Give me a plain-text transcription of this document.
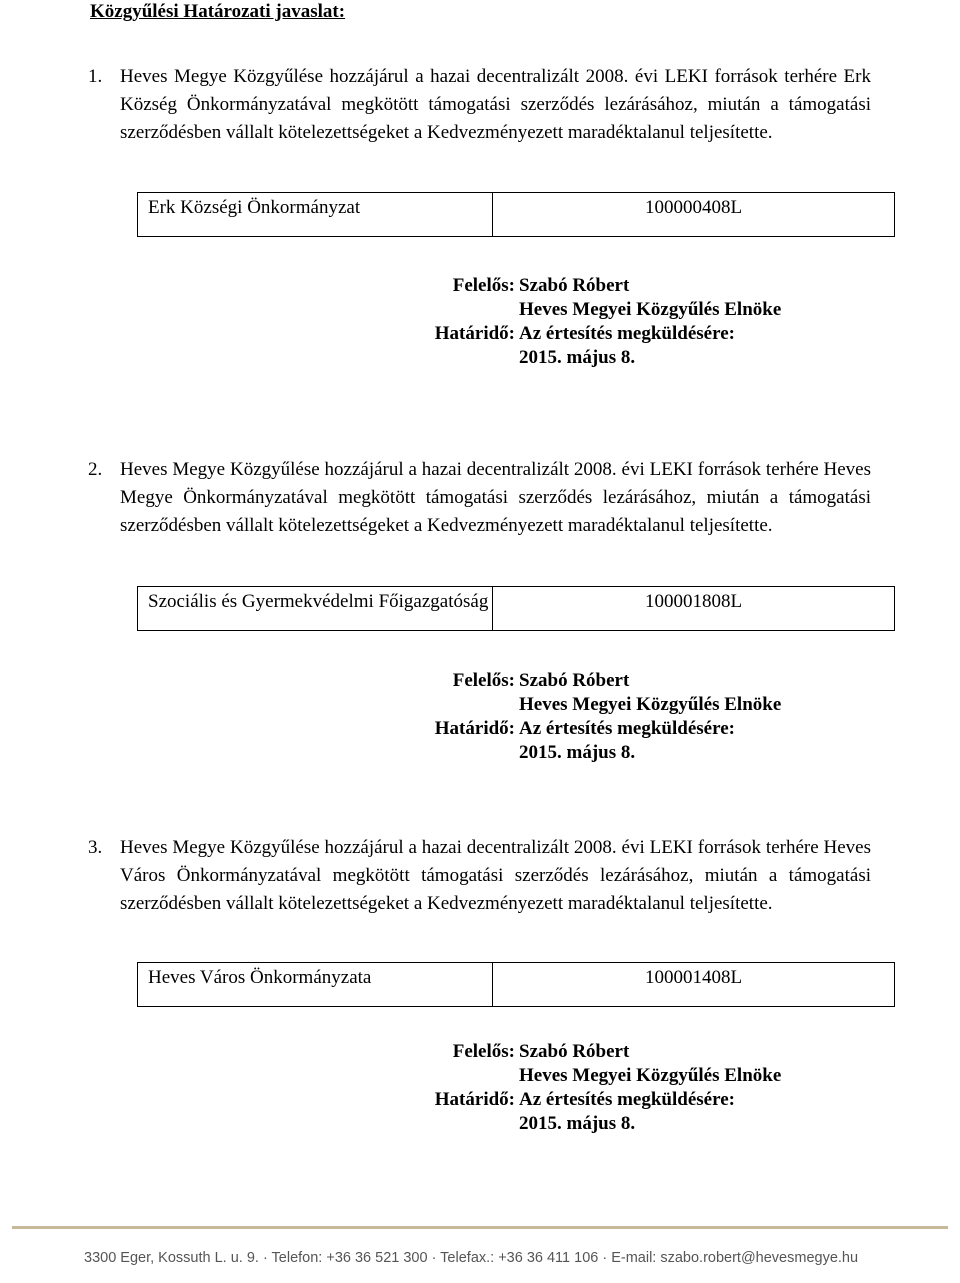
Közgyűlési Határozati javaslat:
1. Heves Megye Közgyűlése hozzájárul a hazai decentralizált 2008. évi LEKI források terhére Erk Község Önkormányzatával megkötött támogatási szerződés lezárásához, miután a támogatási szerződésben vállalt kötelezettségeket a Kedvezményezett maradéktalanul teljesítette.
Erk Községi Önkormányzat	100000408L
Felelős: Szabó Róbert
Heves Megyei Közgyűlés Elnöke
Határidő: Az értesítés megküldésére:
2015. május 8.
2. Heves Megye Közgyűlése hozzájárul a hazai decentralizált 2008. évi LEKI források terhére Heves Megye Önkormányzatával megkötött támogatási szerződés lezárásához, miután a támogatási szerződésben vállalt kötelezettségeket a Kedvezményezett maradéktalanul teljesítette.
Szociális és Gyermekvédelmi Főigazgatóság	100001808L
Felelős: Szabó Róbert
Heves Megyei Közgyűlés Elnöke
Határidő: Az értesítés megküldésére:
2015. május 8.
3. Heves Megye Közgyűlése hozzájárul a hazai decentralizált 2008. évi LEKI források terhére Heves Város Önkormányzatával megkötött támogatási szerződés lezárásához, miután a támogatási szerződésben vállalt kötelezettségeket a Kedvezményezett maradéktalanul teljesítette.
Heves Város Önkormányzata	100001408L
Felelős: Szabó Róbert
Heves Megyei Közgyűlés Elnöke
Határidő: Az értesítés megküldésére:
2015. május 8.
3300 Eger, Kossuth L. u. 9. · Telefon: +36 36 521 300 · Telefax.: +36 36 411 106 · E-mail: szabo.robert@hevesmegye.hu
